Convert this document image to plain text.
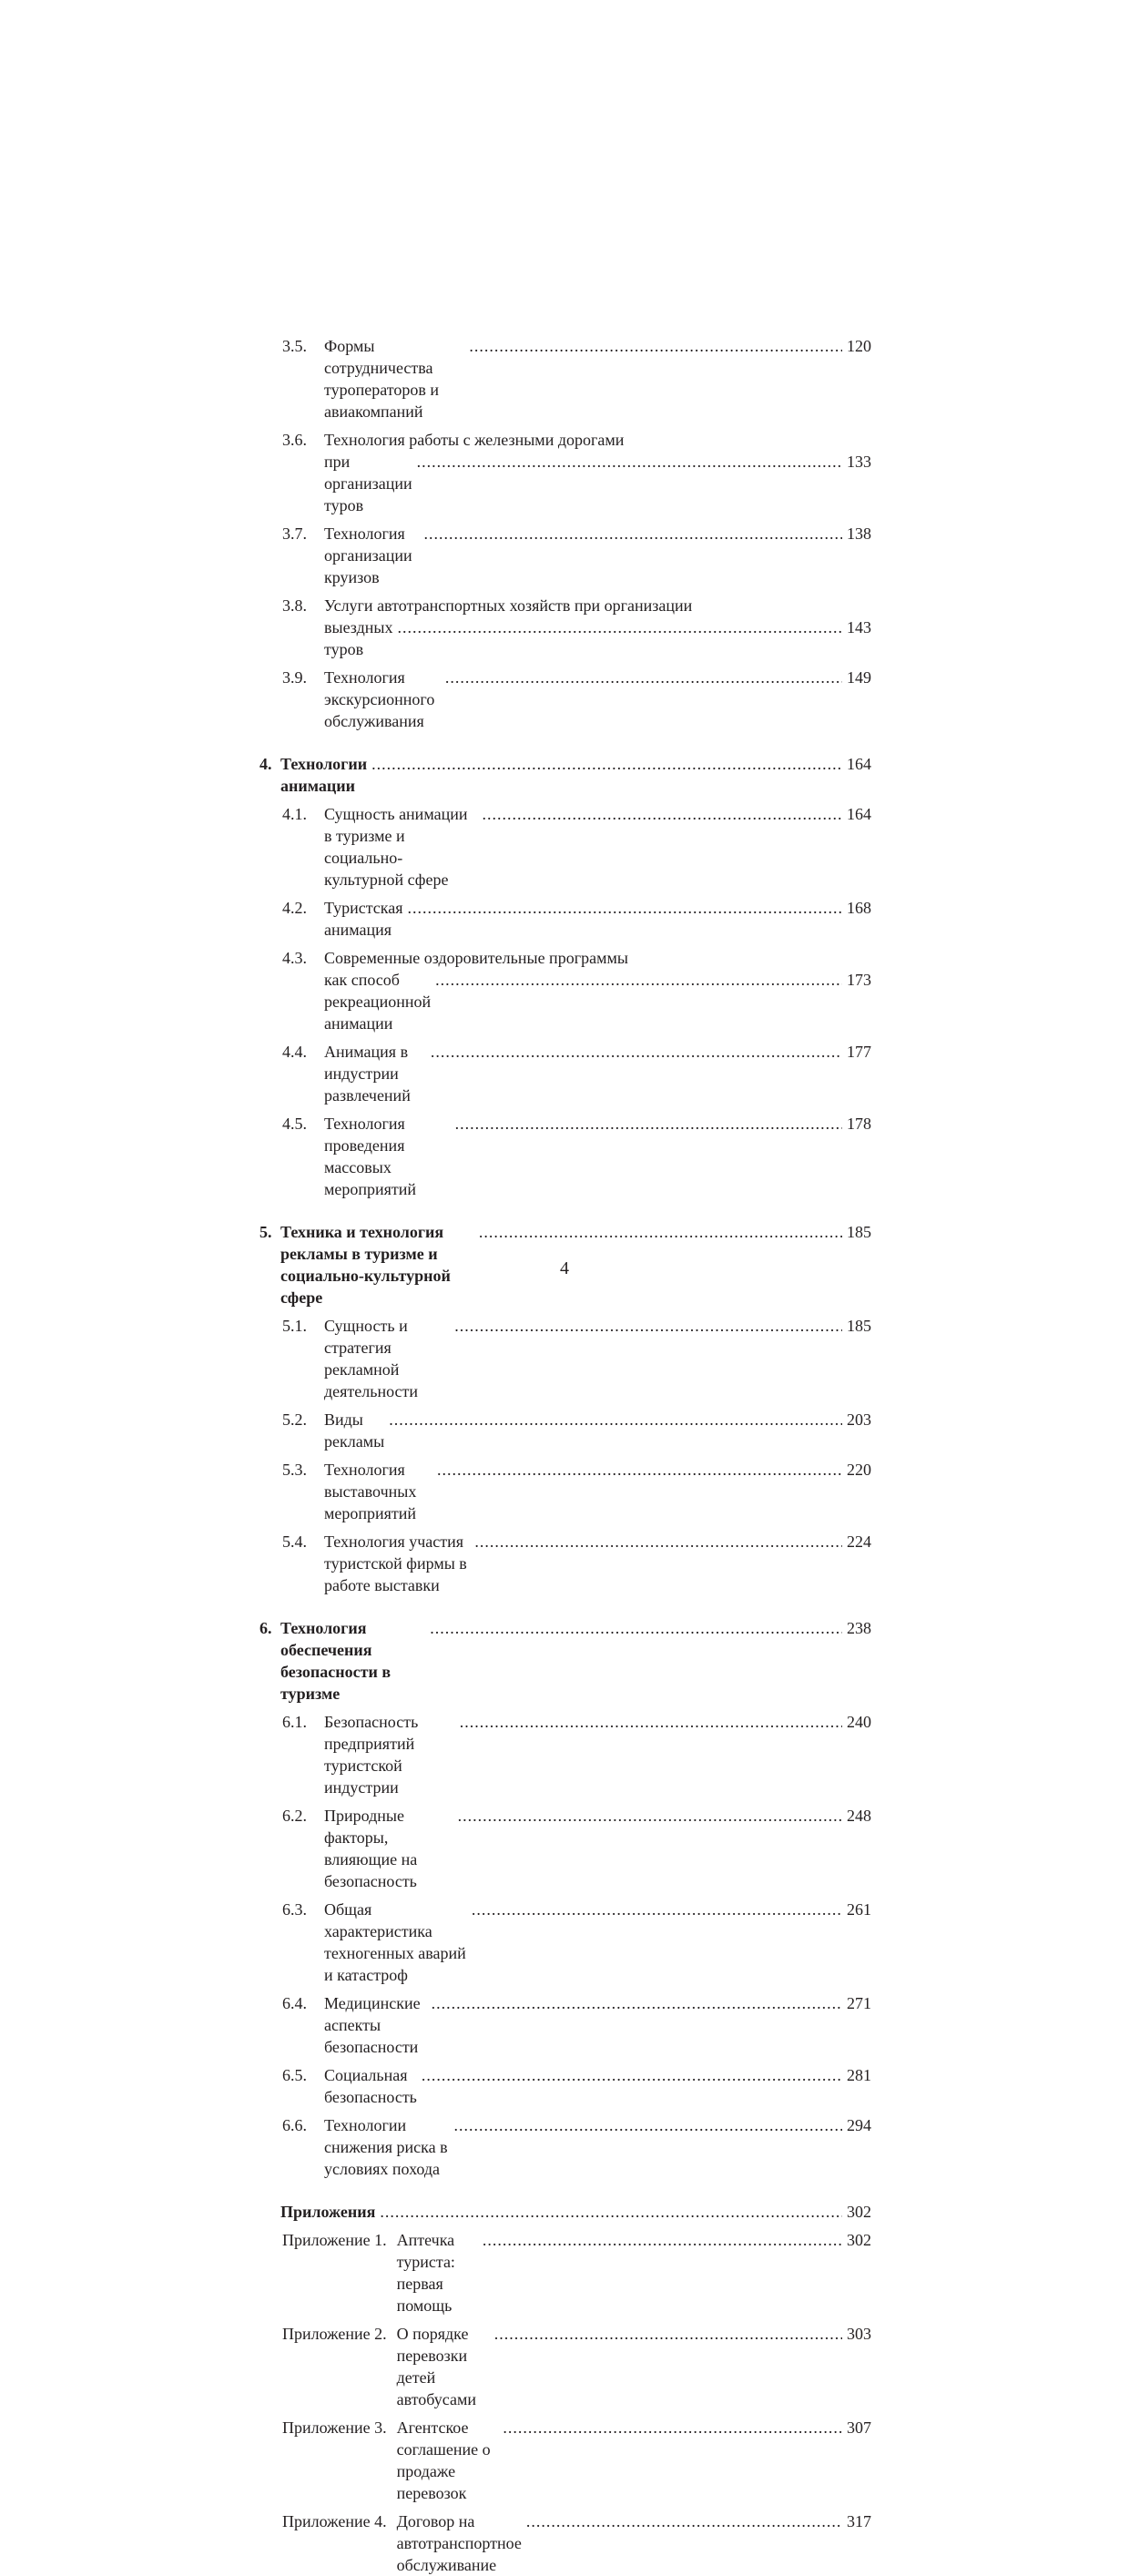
3.5.	Формы сотрудничества туроператоров и авиакомпаний
.....
120
3.6.	Технология работы с железными дорогами
при организации туров
.....
133
3.7.	Технология организации круизов
.....
138
3.8.	Услуги автотранспортных хозяйств при организации
выездных туров
.....
143
3.9.	Технология экскурсионного обслуживания
.....
149
4. Технологии анимации
.....
164
4.1.	Сущность анимации в туризме и социально-культурной сфере
.....
164
4.2.	Туристская анимация
.....
168
4.3.	Современные оздоровительные программы
как способ рекреационной анимации
.....
173
4.4.	Анимация в индустрии развлечений
.....
177
4.5.	Технология проведения массовых мероприятий
.....
178
5. Техника и технология рекламы в туризме и социально-культурной сфере
.....
185
5.1.	Сущность и стратегия рекламной деятельности
.....
185
5.2.	Виды рекламы
.....
203
5.3.	Технология выставочных мероприятий
.....
220
5.4.	Технология участия туристской фирмы в работе выставки
.....
224
6. Технология обеспечения безопасности в туризме
.....
238
6.1.	Безопасность предприятий туристской индустрии
.....
240
6.2.	Природные факторы, влияющие на безопасность
.....
248
6.3.	Общая характеристика техногенных аварий и катастроф
.....
261
6.4.	Медицинские аспекты безопасности
.....
271
6.5.	Социальная безопасность
.....
281
6.6.	Технологии снижения риска в условиях похода
.....
294
Приложения
.....	302
Приложение 1. Аптечка туриста: первая помощь
.....
302
Приложение 2. О порядке перевозки детей автобусами
.....
303
Приложение 3. Агентское соглашение о продаже перевозок
.....
307
Приложение 4. Договор на автотранспортное обслуживание
.....
317
4
